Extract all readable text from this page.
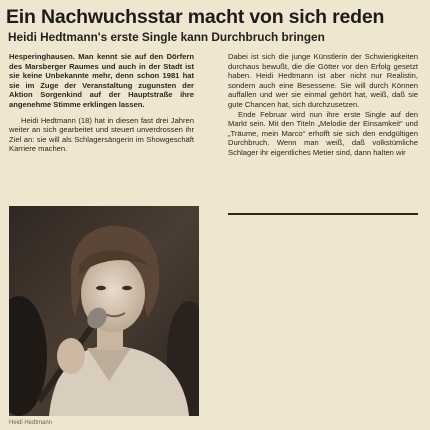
Ein Nachwuchsstar macht von sich reden
Heidi Hedtmann's erste Single kann Durchbruch bringen

Hesperinghausen. Man kennt sie auf den Dörfern des Marsberger Raumes und auch in der Stadt ist sie keine Unbekannte mehr, denn schon 1981 hat sie im Zuge der Veranstaltung zugunsten der Aktion Sorgenkind auf der Hauptstraße ihre angenehme Stimme erklingen lassen.

Heidi Hedtmann (18) hat in diesen fast drei Jahren weiter an sich gearbeitet und steuert unverdrossen ihr Ziel an: sie will als Schlagersängerin im Showgeschäft Karriere machen.

Dabei ist sich die junge Künstlerin der Schwierigkeiten durchaus bewußt, die die Götter vor den Erfolg gesetzt haben. Heidi Hedtmann ist aber nicht nur Realistin, sondern auch eine Besessene. Sie will durch Können auffallen und wer sie einmal gehört hat, weiß, daß sie gute Chancen hat, sich durchzusetzen.

Ende Februar wird nun ihre erste Single auf den Markt sein. Mit den Titeln „Melodie der Einsamkeit“ und „Träume, mein Marco“ erhofft sie sich den endgültigen Durchbruch. Wenn man weiß, daß volkstümliche Schlager ihr eigentliches Metier sind, dann halten wir

Heidi Hedtmann
